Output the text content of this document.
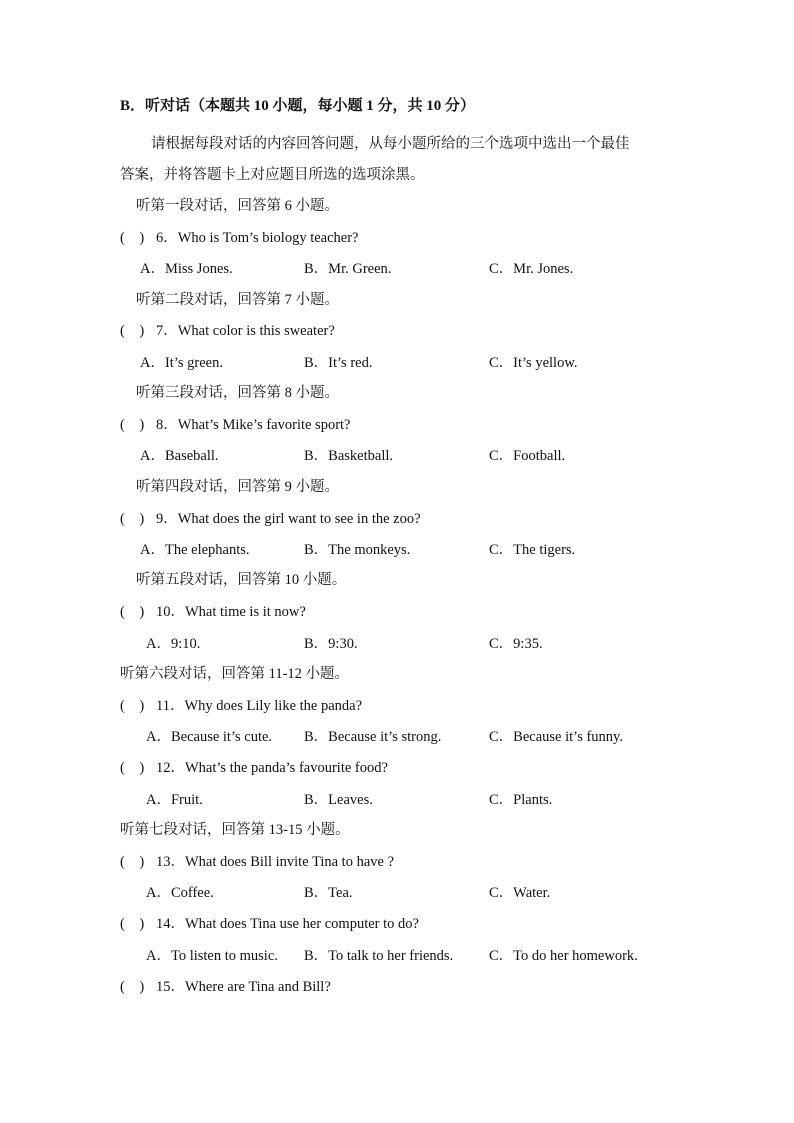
B．听对话（本题共 10 小题，每小题 1 分，共 10 分）
请根据每段对话的内容回答问题，从每小题所给的三个选项中选出一个最佳
答案，并将答题卡上对应题目所选的选项涂黑。
听第一段对话，回答第 6 小题。
( ) 6．Who is Tom’s biology teacher?
A．Miss Jones.	B．Mr. Green.	C．Mr. Jones.
听第二段对话，回答第 7 小题。
( ) 7．What color is this sweater?
A．It’s green.	B．It’s red.	C．It’s yellow.
听第三段对话，回答第 8 小题。
( ) 8．What’s Mike’s favorite sport?
A．Baseball.	B．Basketball.	C．Football.
听第四段对话，回答第 9 小题。
( ) 9．What does the girl want to see in the zoo?
A．The elephants.	B．The monkeys.	C．The tigers.
听第五段对话，回答第 10 小题。
( ) 10．What time is it now?
A．9:10.	B．9:30.	C．9:35.
听第六段对话，回答第 11-12 小题。
( ) 11．Why does Lily like the panda?
A．Because it’s cute. B．Because it’s strong.	C．Because it’s funny.
( ) 12．What’s the panda’s favourite food?
A．Fruit.	B．Leaves.	C．Plants.
听第七段对话，回答第 13-15 小题。
( ) 13．What does Bill invite Tina to have ?
A．Coffee.	B．Tea.	C．Water.
( ) 14．What does Tina use her computer to do?
A．To listen to music. B．To talk to her friends. C．To do her homework.
( ) 15．Where are Tina and Bill?
